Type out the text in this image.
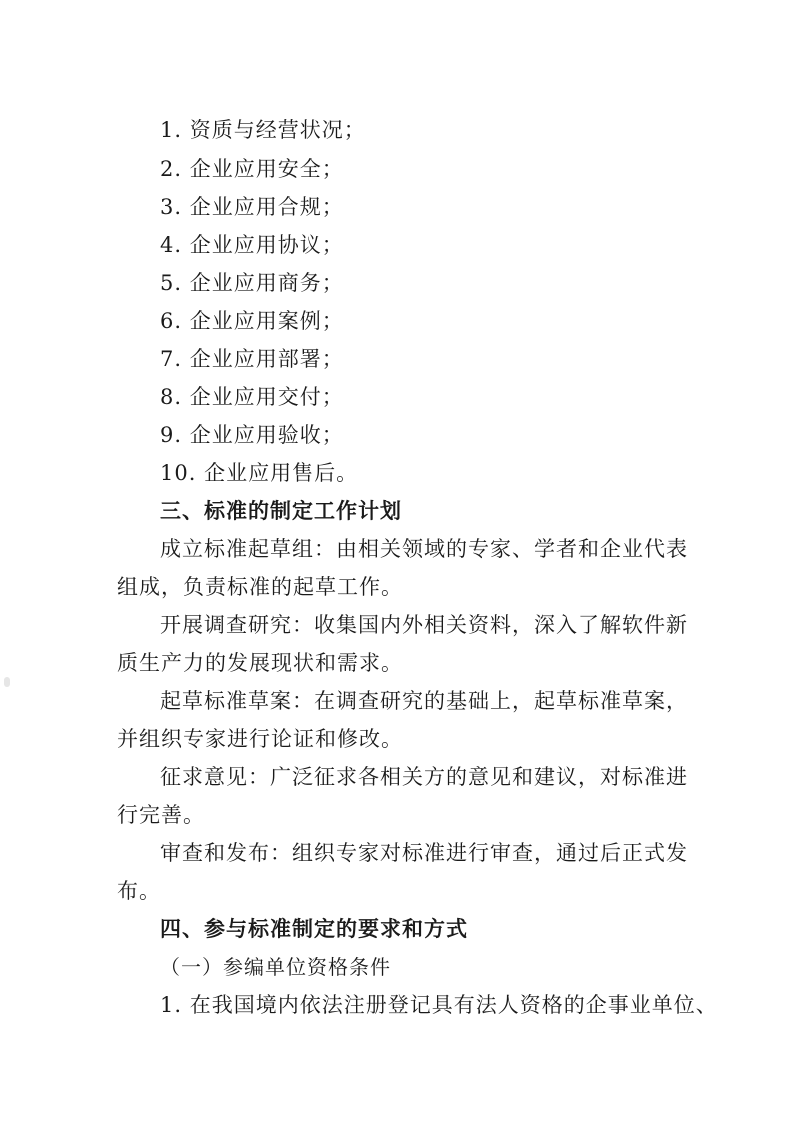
1. 资质与经营状况；
2. 企业应用安全；
3. 企业应用合规；
4. 企业应用协议；
5. 企业应用商务；
6. 企业应用案例；
7. 企业应用部署；
8. 企业应用交付；
9. 企业应用验收；
10. 企业应用售后。
三、标准的制定工作计划
成立标准起草组：由相关领域的专家、学者和企业代表
组成，负责标准的起草工作。
开展调查研究：收集国内外相关资料，深入了解软件新
质生产力的发展现状和需求。
起草标准草案：在调查研究的基础上，起草标准草案，
并组织专家进行论证和修改。
征求意见：广泛征求各相关方的意见和建议，对标准进
行完善。
审查和发布：组织专家对标准进行审查，通过后正式发
布。
四、参与标准制定的要求和方式
（一）参编单位资格条件
1. 在我国境内依法注册登记具有法人资格的企事业单位、
